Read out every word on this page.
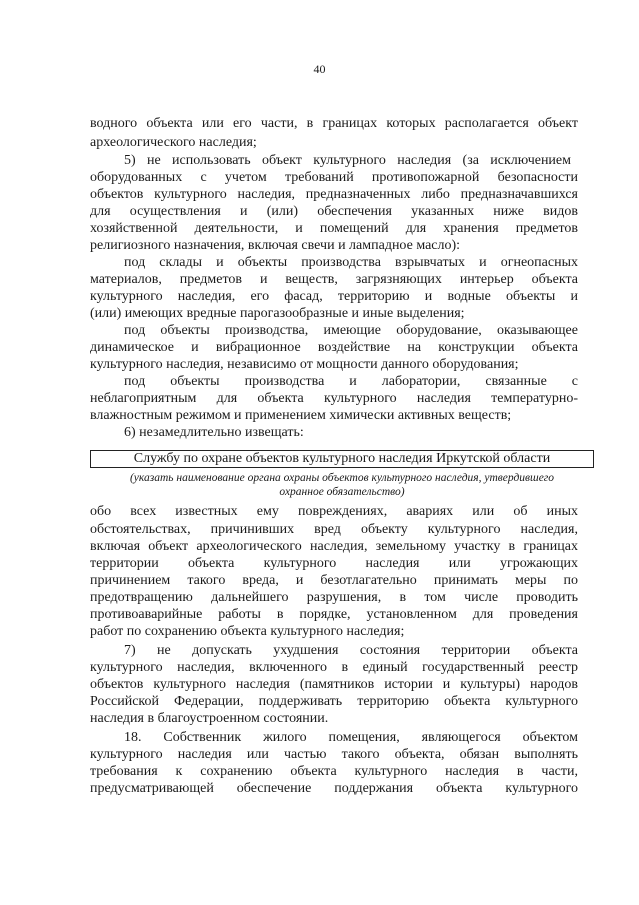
40
водного объекта или его части, в границах которых располагается объект
археологического наследия;
5) не использовать объект культурного наследия (за исключением
оборудованных с учетом требований противопожарной безопасности
объектов культурного наследия, предназначенных либо предназначавшихся
для осуществления и (или) обеспечения указанных ниже видов
хозяйственной деятельности, и помещений для хранения предметов
религиозного назначения, включая свечи и лампадное масло):
под склады и объекты производства взрывчатых и огнеопасных
материалов, предметов и веществ, загрязняющих интерьер объекта
культурного наследия, его фасад, территорию и водные объекты и
(или) имеющих вредные парогазообразные и иные выделения;
под объекты производства, имеющие оборудование, оказывающее
динамическое и вибрационное воздействие на конструкции объекта
культурного наследия, независимо от мощности данного оборудования;
под объекты производства и лаборатории, связанные с
неблагоприятным для объекта культурного наследия температурно-
влажностным режимом и применением химически активных веществ;
6) незамедлительно извещать:
Службу по охране объектов культурного наследия Иркутской области
(указать наименование органа охраны объектов культурного наследия, утвердившего
охранное обязательство)
обо всех известных ему повреждениях, авариях или об иных
обстоятельствах, причинивших вред объекту культурного наследия,
включая объект археологического наследия, земельному участку в границах
территории объекта культурного наследия или угрожающих
причинением такого вреда, и безотлагательно принимать меры по
предотвращению дальнейшего разрушения, в том числе проводить
противоаварийные работы в порядке, установленном для проведения
работ по сохранению объекта культурного наследия;
7) не допускать ухудшения состояния территории объекта
культурного наследия, включенного в единый государственный реестр
объектов культурного наследия (памятников истории и культуры) народов
Российской Федерации, поддерживать территорию объекта культурного
наследия в благоустроенном состоянии.
18. Собственник жилого помещения, являющегося объектом
культурного наследия или частью такого объекта, обязан выполнять
требования к сохранению объекта культурного наследия в части,
предусматривающей обеспечение поддержания объекта культурного
